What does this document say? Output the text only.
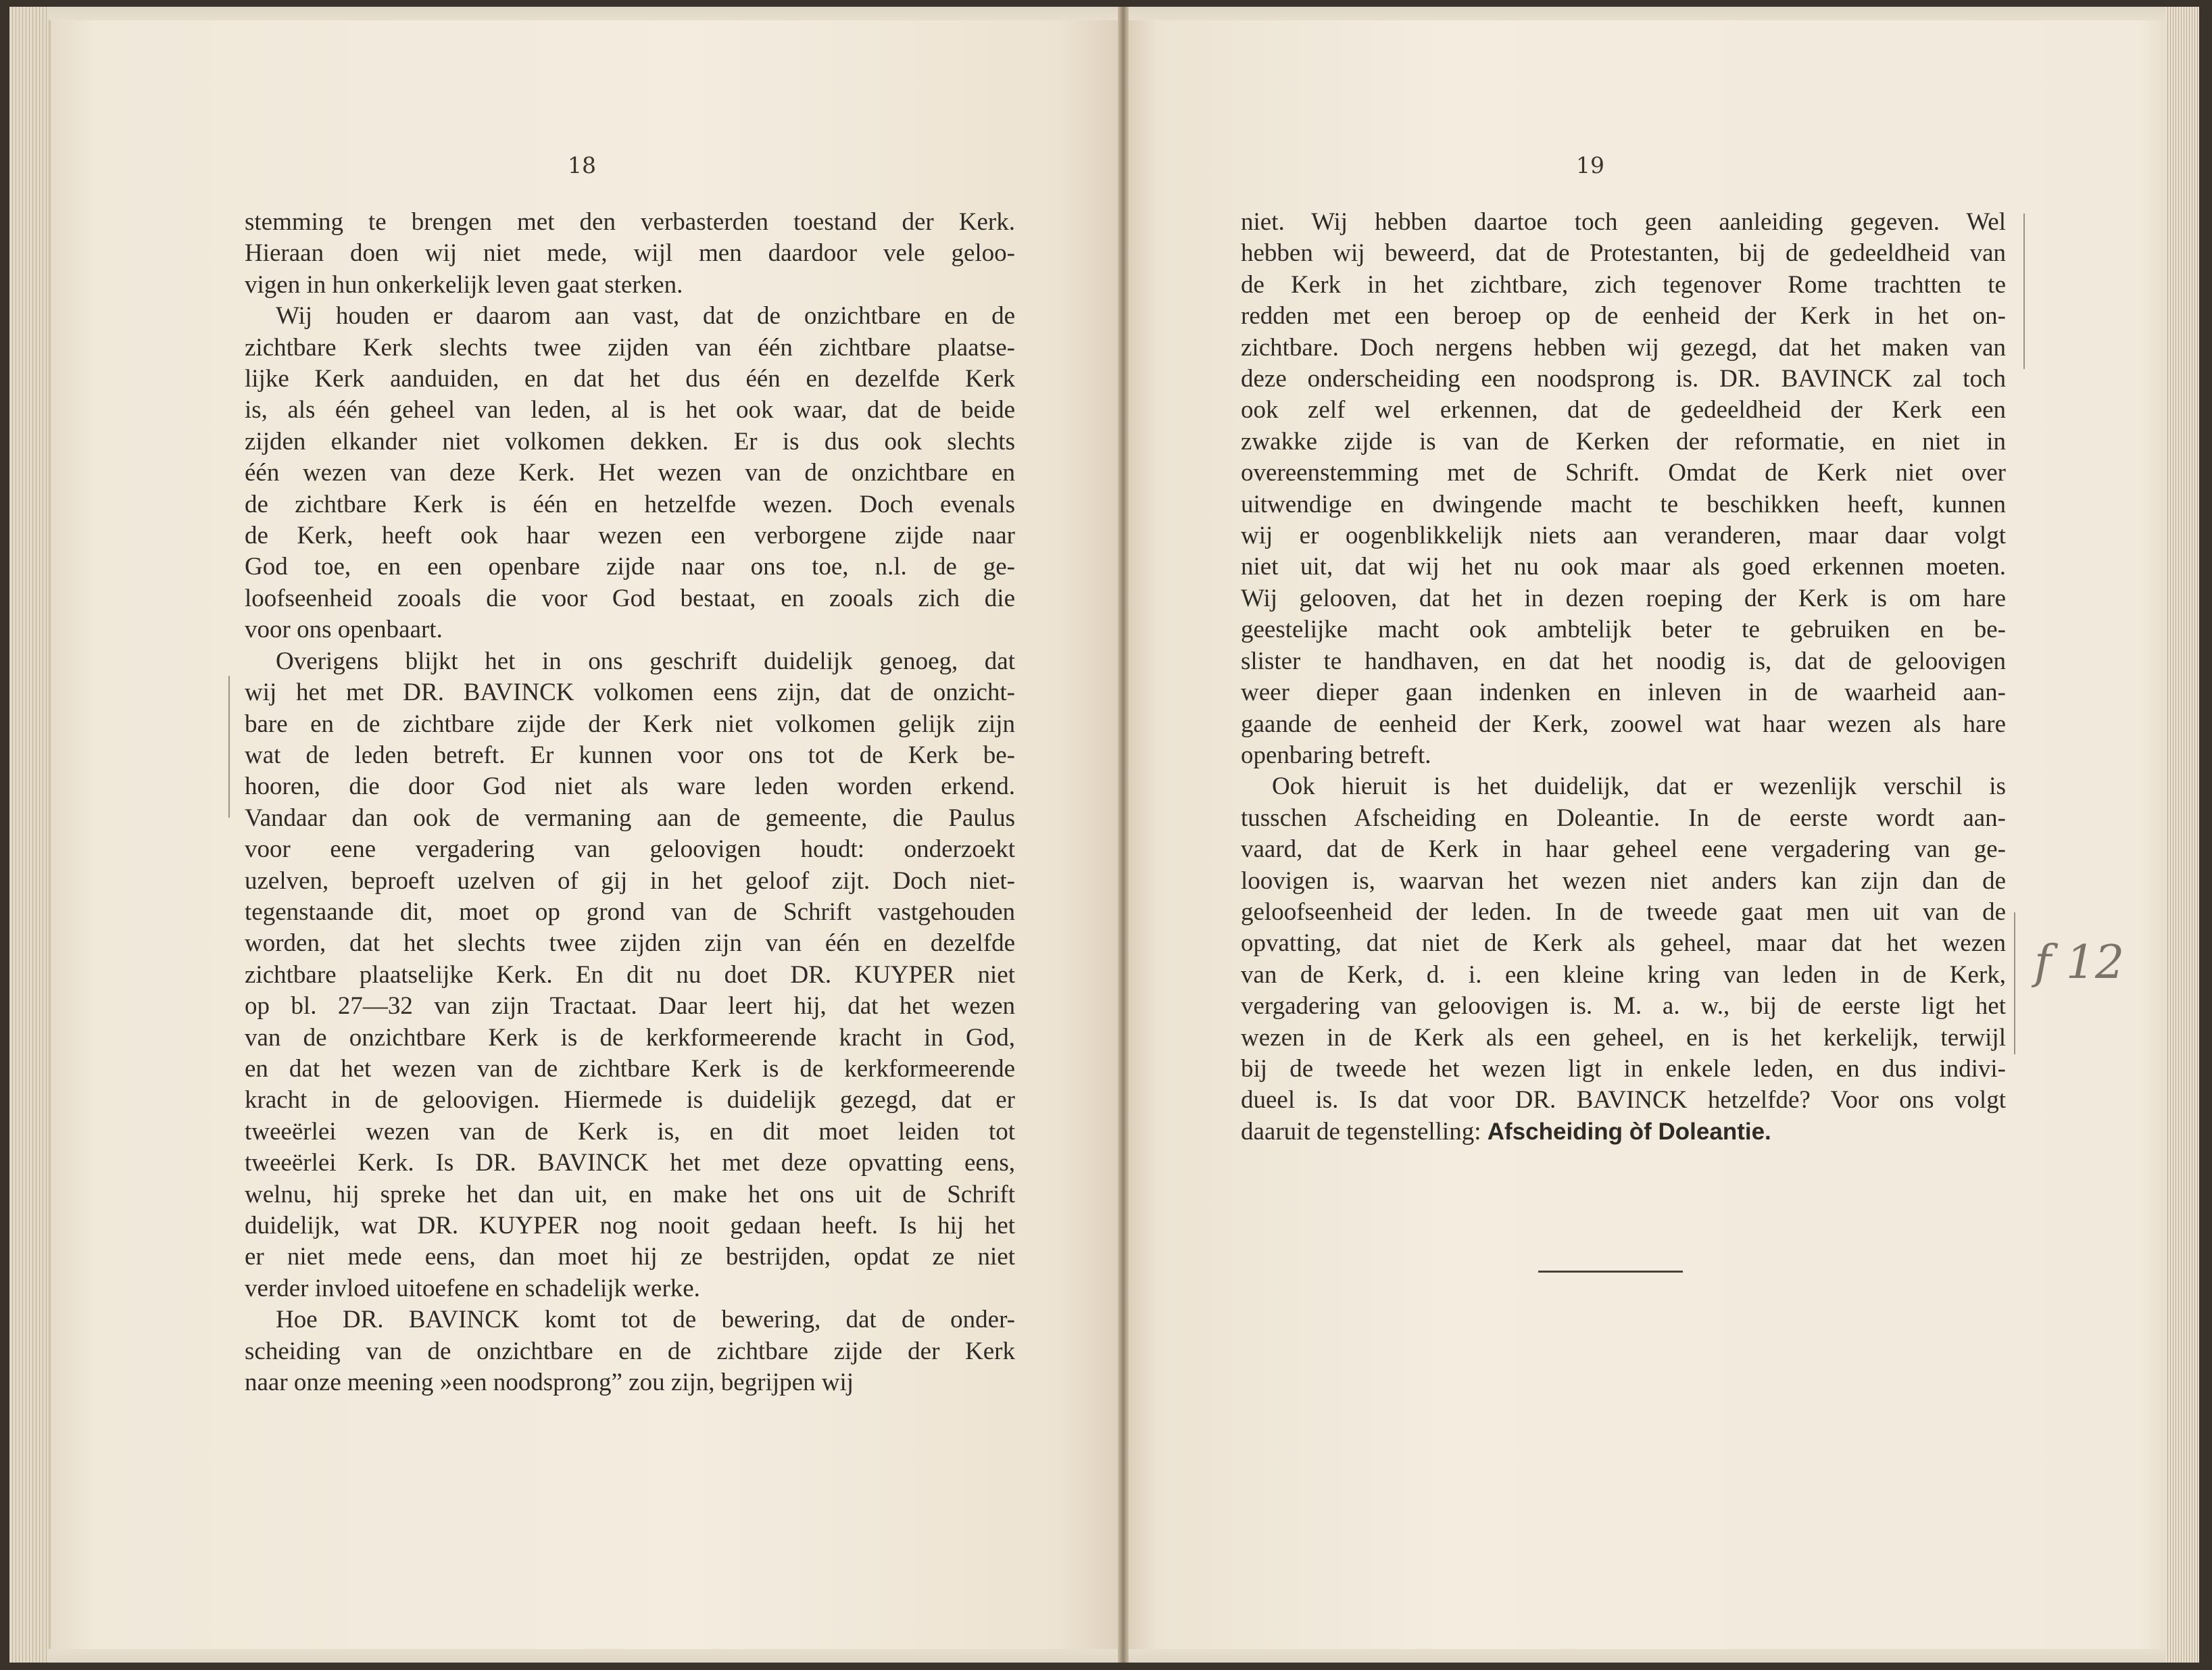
18	19

stemming te brengen met den verbasterden toestand der Kerk.
Hieraan doen wij niet mede, wijl men daardoor vele geloo-
vigen in hun onkerkelijk leven gaat sterken.

Wij houden er daarom aan vast, dat de onzichtbare en de
zichtbare Kerk slechts twee zijden van één zichtbare plaatse-
lijke Kerk aanduiden, en dat het dus één en dezelfde Kerk
is, als één geheel van leden, al is het ook waar, dat de beide
zijden elkander niet volkomen dekken. Er is dus ook slechts
één wezen van deze Kerk. Het wezen van de onzichtbare en
de zichtbare Kerk is één en hetzelfde wezen. Doch evenals
de Kerk, heeft ook haar wezen een verborgene zijde naar
God toe, en een openbare zijde naar ons toe, n.l. de ge-
loofseenheid zooals die voor God bestaat, en zooals zich die
voor ons openbaart.

Overigens blijkt het in ons geschrift duidelijk genoeg, dat
wij het met DR. BAVINCK volkomen eens zijn, dat de onzicht-
bare en de zichtbare zijde der Kerk niet volkomen gelijk zijn
wat de leden betreft. Er kunnen voor ons tot de Kerk be-
hooren, die door God niet als ware leden worden erkend.
Vandaar dan ook de vermaning aan de gemeente, die Paulus
voor eene vergadering van geloovigen houdt: onderzoekt
uzelven, beproeft uzelven of gij in het geloof zijt. Doch niet-
tegenstaande dit, moet op grond van de Schrift vastgehouden
worden, dat het slechts twee zijden zijn van één en dezelfde
zichtbare plaatselijke Kerk. En dit nu doet DR. KUYPER niet
op bl. 27—32 van zijn Tractaat. Daar leert hij, dat het wezen
van de onzichtbare Kerk is de kerkformeerende kracht in God,
en dat het wezen van de zichtbare Kerk is de kerkformeerende
kracht in de geloovigen. Hiermede is duidelijk gezegd, dat er
tweeërlei wezen van de Kerk is, en dit moet leiden tot
tweeërlei Kerk. Is DR. BAVINCK het met deze opvatting eens,
welnu, hij spreke het dan uit, en make het ons uit de Schrift
duidelijk, wat DR. KUYPER nog nooit gedaan heeft. Is hij het
er niet mede eens, dan moet hij ze bestrijden, opdat ze niet
verder invloed uitoefene en schadelijk werke.

Hoe DR. BAVINCK komt tot de bewering, dat de onder-
scheiding van de onzichtbare en de zichtbare zijde der Kerk
naar onze meening »een noodsprong” zou zijn, begrijpen wij

niet. Wij hebben daartoe toch geen aanleiding gegeven. Wel
hebben wij beweerd, dat de Protestanten, bij de gedeeldheid van
de Kerk in het zichtbare, zich tegenover Rome trachtten te
redden met een beroep op de eenheid der Kerk in het on-
zichtbare. Doch nergens hebben wij gezegd, dat het maken van
deze onderscheiding een noodsprong is. DR. BAVINCK zal toch
ook zelf wel erkennen, dat de gedeeldheid der Kerk een
zwakke zijde is van de Kerken der reformatie, en niet in
overeenstemming met de Schrift. Omdat de Kerk niet over
uitwendige en dwingende macht te beschikken heeft, kunnen
wij er oogenblikkelijk niets aan veranderen, maar daar volgt
niet uit, dat wij het nu ook maar als goed erkennen moeten.
Wij gelooven, dat het in dezen roeping der Kerk is om hare
geestelijke macht ook ambtelijk beter te gebruiken en be-
slister te handhaven, en dat het noodig is, dat de geloovigen
weer dieper gaan indenken en inleven in de waarheid aan-
gaande de eenheid der Kerk, zoowel wat haar wezen als hare
openbaring betreft.

Ook hieruit is het duidelijk, dat er wezenlijk verschil is
tusschen Afscheiding en Doleantie. In de eerste wordt aan-
vaard, dat de Kerk in haar geheel eene vergadering van ge-
loovigen is, waarvan het wezen niet anders kan zijn dan de
geloofseenheid der leden. In de tweede gaat men uit van de
opvatting, dat niet de Kerk als geheel, maar dat het wezen
van de Kerk, d. i. een kleine kring van leden in de Kerk,
vergadering van geloovigen is. M. a. w., bij de eerste ligt het
wezen in de Kerk als een geheel, en is het kerkelijk, terwijl
bij de tweede het wezen ligt in enkele leden, en dus indivi-
dueel is. Is dat voor DR. BAVINCK hetzelfde? Voor ons volgt
daaruit de tegenstelling: Afscheiding òf Doleantie.

f 12
